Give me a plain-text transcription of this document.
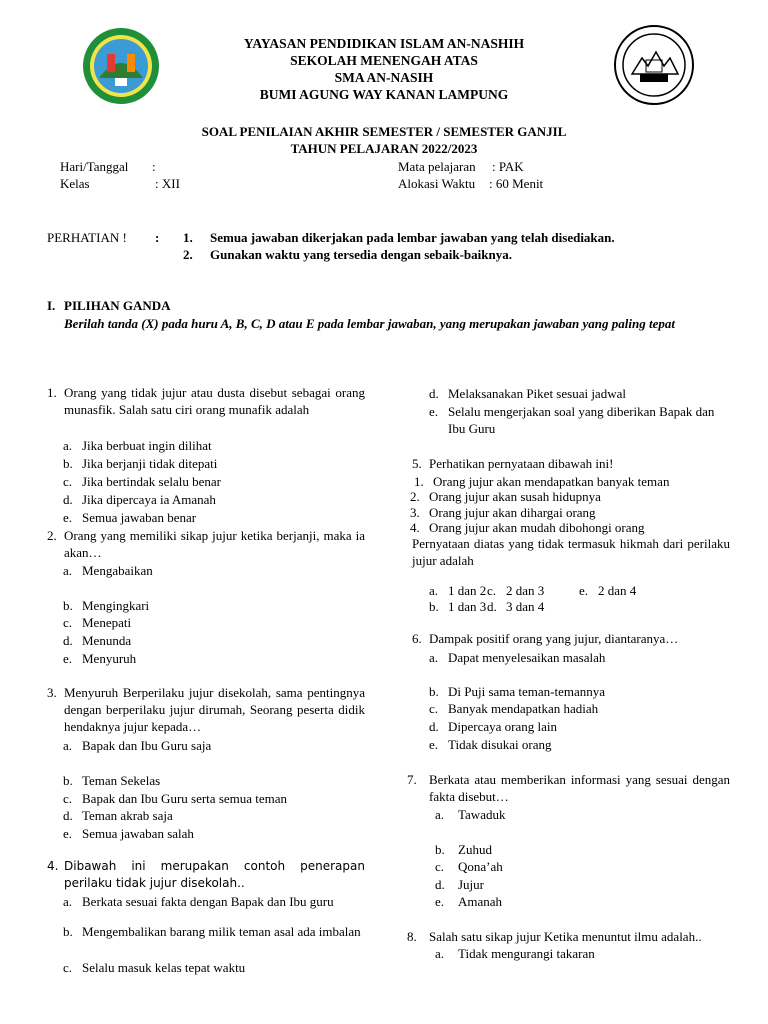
YAYASAN PENDIDIKAN ISLAM AN-NASHIH
SEKOLAH MENENGAH ATAS
SMA AN-NASIH
BUMI AGUNG WAY KANAN LAMPUNG
SOAL PENILAIAN AKHIR SEMESTER / SEMESTER GANJIL
TAHUN PELAJARAN 2022/2023
Hari/Tanggal :
Kelas	: XII
Mata pelajaran : PAK
Alokasi Waktu : 60 Menit
PERHATIAN ! : 1. Semua jawaban dikerjakan pada lembar jawaban yang telah disediakan.
2. Gunakan waktu yang tersedia dengan sebaik-baiknya.
I. PILIHAN GANDA
Berilah tanda (X) pada huru A, B, C, D atau E pada lembar jawaban, yang merupakan jawaban yang paling tepat
1. Orang yang tidak jujur atau dusta disebut sebagai orang munasfik. Salah satu ciri orang munafik adalah
a. Jika berbuat ingin dilihat
b. Jika berjanji tidak ditepati
c. Jika bertindak selalu benar
d. Jika dipercaya ia Amanah
e. Semua jawaban benar
2. Orang yang memiliki sikap jujur ketika berjanji, maka ia akan…
a. Mengabaikan
b. Mengingkari
c. Menepati
d. Menunda
e. Menyuruh
3. Menyuruh Berperilaku jujur disekolah, sama pentingnya dengan berperilaku jujur dirumah, Seorang peserta didik hendaknya jujur kepada…
a. Bapak dan Ibu Guru saja
b. Teman Sekelas
c. Bapak dan Ibu Guru serta semua teman
d. Teman akrab saja
e. Semua jawaban salah
4. Dibawah ini merupakan contoh penerapan perilaku tidak jujur disekolah..
a. Berkata sesuai fakta dengan Bapak dan Ibu guru
b. Mengembalikan barang milik teman asal ada imbalan
c. Selalu masuk kelas tepat waktu
d. Melaksanakan Piket sesuai jadwal
e. Selalu mengerjakan soal yang diberikan Bapak dan Ibu Guru
5. Perhatikan pernyataan dibawah ini!
1. Orang jujur akan mendapatkan banyak teman
2. Orang jujur akan susah hidupnya
3. Orang jujur akan dihargai orang
4. Orang jujur akan mudah dibohongi orang
Pernyataan diatas yang tidak termasuk hikmah dari perilaku jujur adalah
a. 1 dan 2 c. 2 dan 3	e. 2 dan 4
b. 1 dan 3 d. 3 dan 4
6. Dampak positif orang yang jujur, diantaranya…
a. Dapat menyelesaikan masalah
b. Di Puji sama teman-temannya
c. Banyak mendapatkan hadiah
d. Dipercaya orang lain
e. Tidak disukai orang
7. Berkata atau memberikan informasi yang sesuai dengan fakta disebut…
a. Tawaduk
b. Zuhud
c. Qona’ah
d. Jujur
e. Amanah
8. Salah satu sikap jujur Ketika menuntut ilmu adalah..
a. Tidak mengurangi takaran
